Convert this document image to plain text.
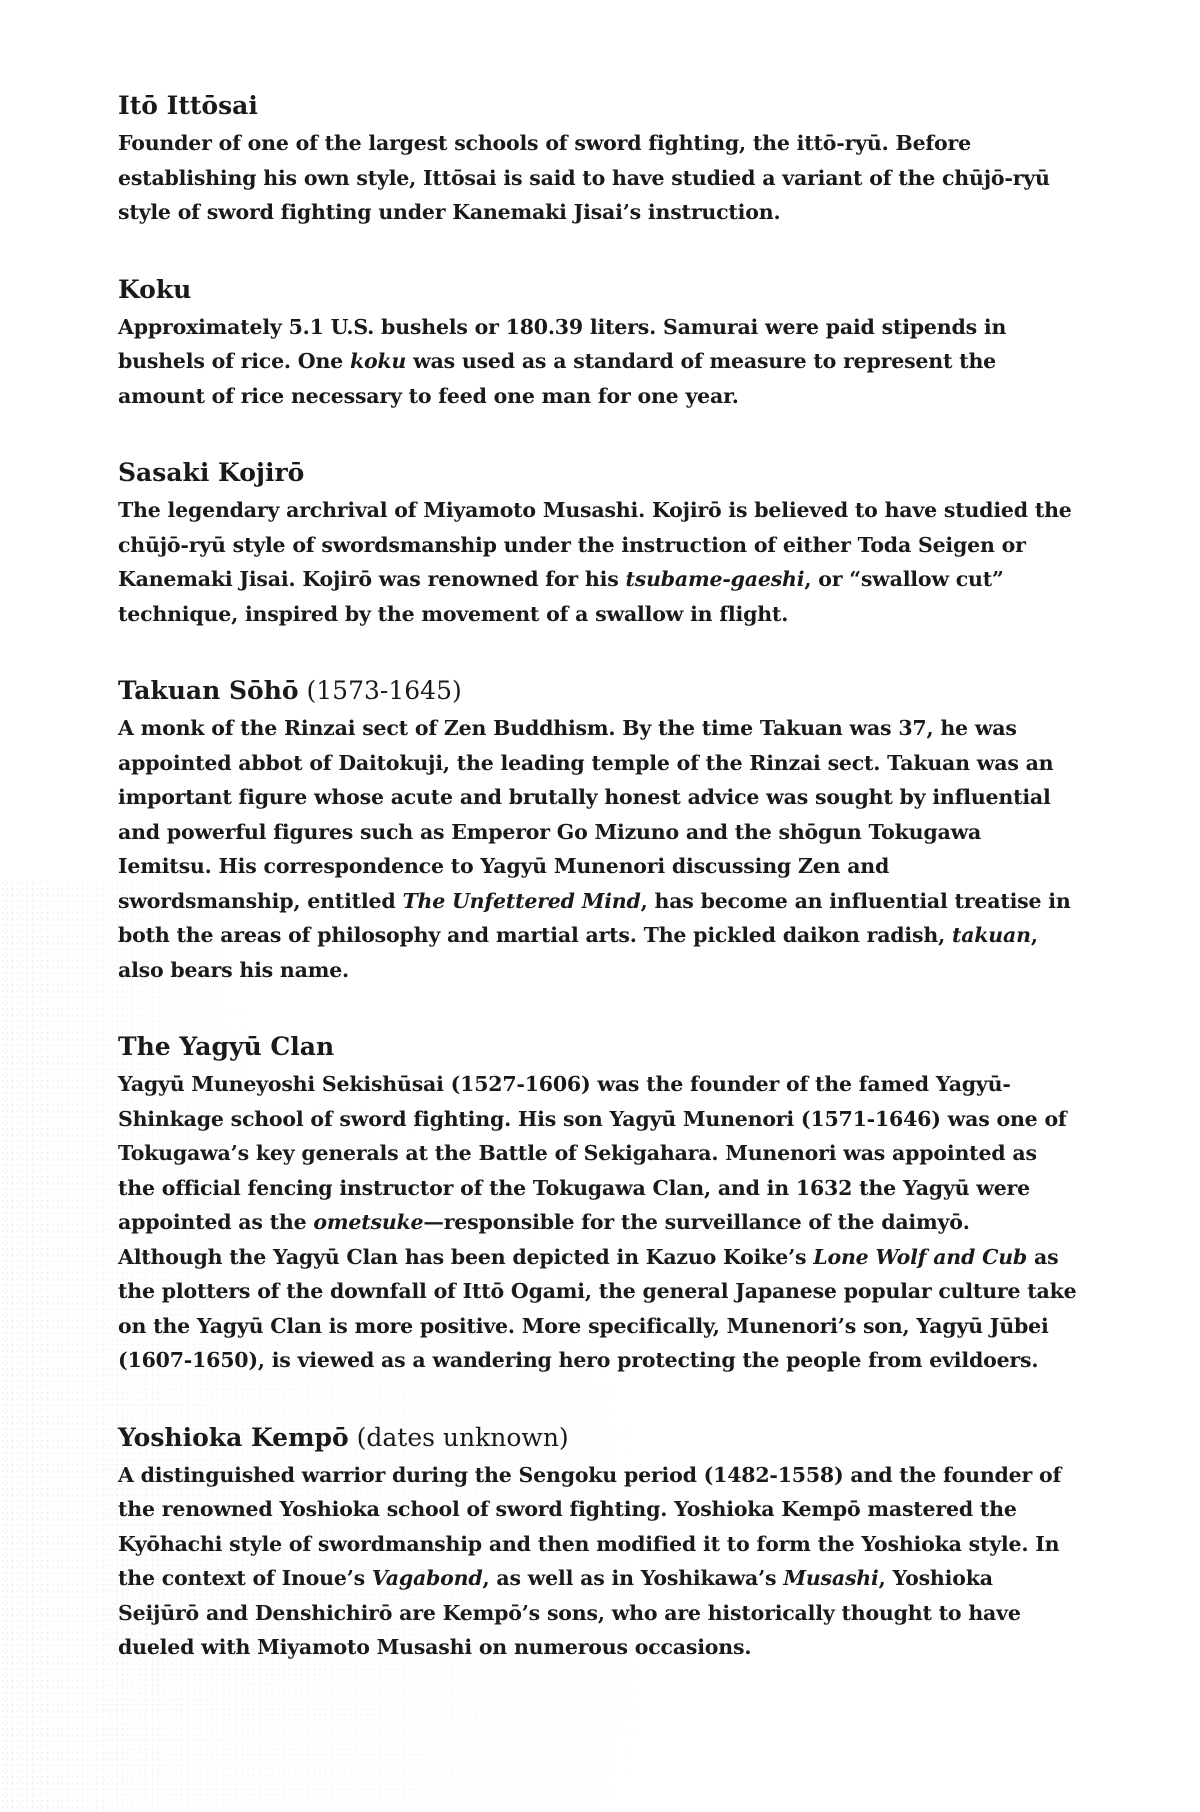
Itō Ittōsai

Founder of one of the largest schools of sword fighting, the ittō-ryū. Before establishing his own style, Ittōsai is said to have studied a variant of the chūjō-ryū style of sword fighting under Kanemaki Jisai’s instruction.

Koku

Approximately 5.1 U.S. bushels or 180.39 liters. Samurai were paid stipends in bushels of rice. One koku was used as a standard of measure to represent the amount of rice necessary to feed one man for one year.

Sasaki Kojirō

The legendary archrival of Miyamoto Musashi. Kojirō is believed to have studied the chūjō-ryū style of swordsmanship under the instruction of either Toda Seigen or Kanemaki Jisai. Kojirō was renowned for his tsubame-gaeshi, or “swallow cut” technique, inspired by the movement of a swallow in flight.

Takuan Sōhō (1573-1645)

A monk of the Rinzai sect of Zen Buddhism. By the time Takuan was 37, he was appointed abbot of Daitokuji, the leading temple of the Rinzai sect. Takuan was an important figure whose acute and brutally honest advice was sought by influential and powerful figures such as Emperor Go Mizuno and the shōgun Tokugawa Iemitsu. His correspondence to Yagyū Munenori discussing Zen and swordsmanship, entitled The Unfettered Mind, has become an influential treatise in both the areas of philosophy and martial arts. The pickled daikon radish, takuan, also bears his name.

The Yagyū Clan

Yagyū Muneyoshi Sekishūsai (1527-1606) was the founder of the famed Yagyū-Shinkage school of sword fighting. His son Yagyū Munenori (1571-1646) was one of Tokugawa’s key generals at the Battle of Sekigahara. Munenori was appointed as the official fencing instructor of the Tokugawa Clan, and in 1632 the Yagyū were appointed as the ometsuke—responsible for the surveillance of the daimyō. Although the Yagyū Clan has been depicted in Kazuo Koike’s Lone Wolf and Cub as the plotters of the downfall of Ittō Ogami, the general Japanese popular culture take on the Yagyū Clan is more positive. More specifically, Munenori’s son, Yagyū Jūbei (1607-1650), is viewed as a wandering hero protecting the people from evildoers.

Yoshioka Kempō (dates unknown)

A distinguished warrior during the Sengoku period (1482-1558) and the founder of the renowned Yoshioka school of sword fighting. Yoshioka Kempō mastered the Kyōhachi style of swordmanship and then modified it to form the Yoshioka style. In the context of Inoue’s Vagabond, as well as in Yoshikawa’s Musashi, Yoshioka Seijūrō and Denshichirō are Kempō’s sons, who are historically thought to have dueled with Miyamoto Musashi on numerous occasions.
